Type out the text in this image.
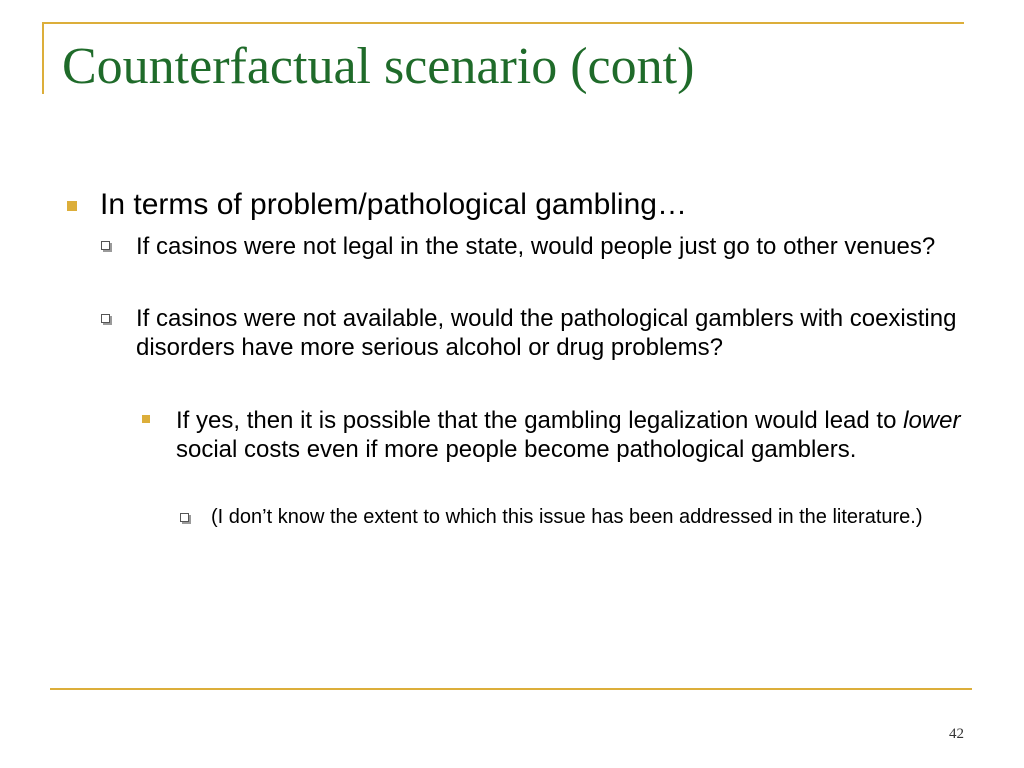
Counterfactual scenario (cont)
In terms of problem/pathological gambling…
If casinos were not legal in the state, would people just go to other venues?
If casinos were not available, would the pathological gamblers with coexisting disorders have more serious alcohol or drug problems?
If yes, then it is possible that the gambling legalization would lead to lower social costs even if more people become pathological gamblers.
(I don’t know the extent to which this issue has been addressed in the literature.)
42
